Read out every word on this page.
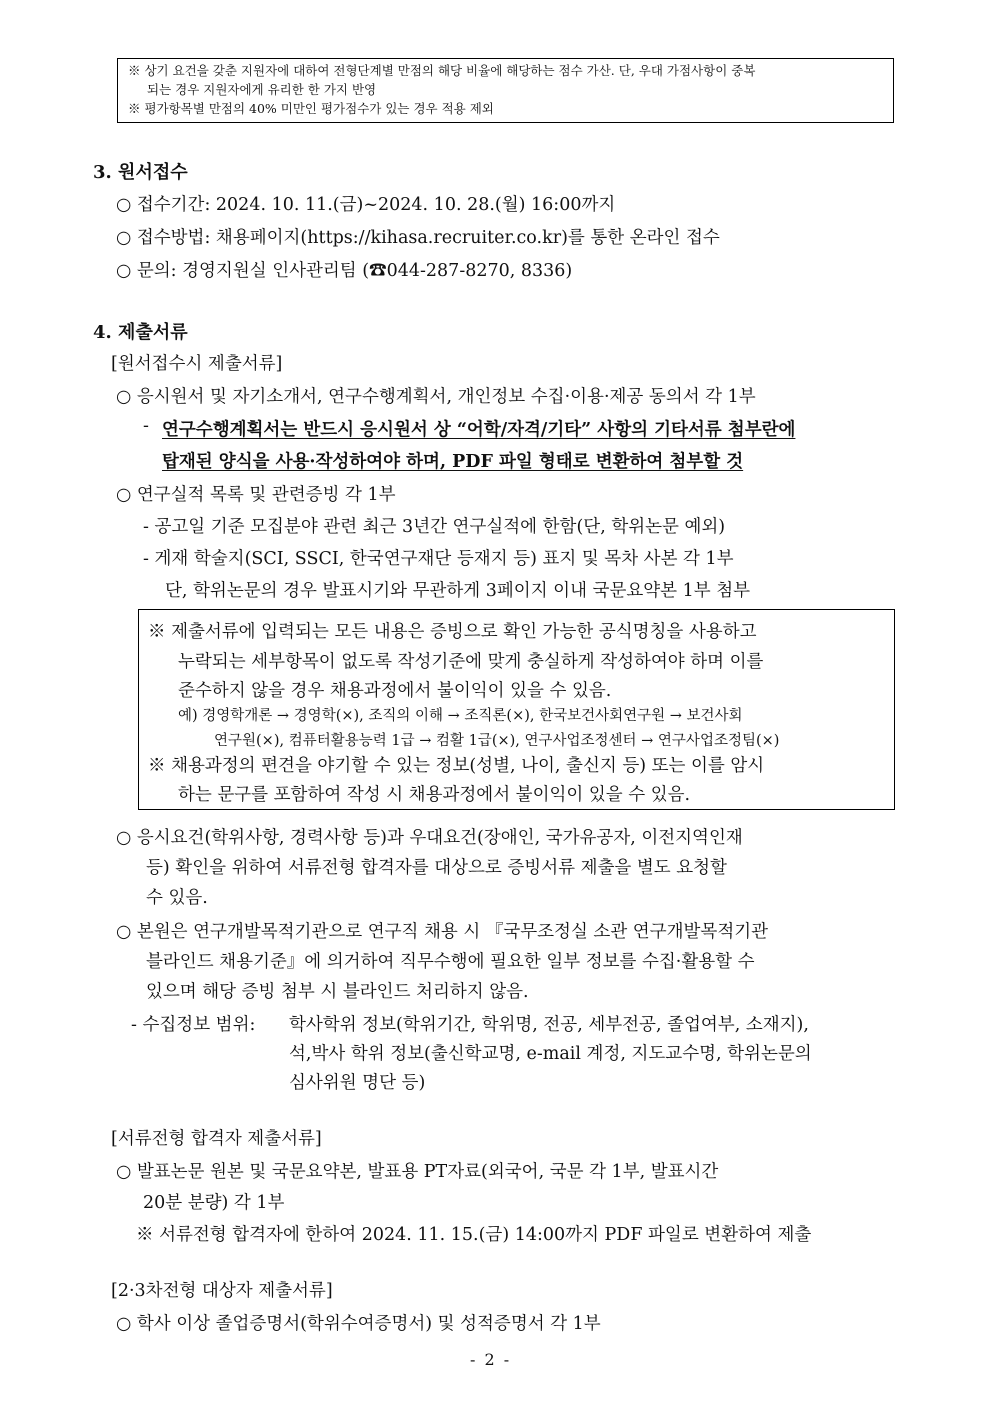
※ 상기 요건을 갖춘 지원자에 대하여 전형단계별 만점의 해당 비율에 해당하는 점수 가산. 단, 우대 가점사항이 중복
되는 경우 지원자에게 유리한 한 가지 반영
※ 평가항목별 만점의 40% 미만인 평가점수가 있는 경우 적용 제외
3. 원서접수
○ 접수기간: 2024. 10. 11.(금)~2024. 10. 28.(월) 16:00까지
○ 접수방법: 채용페이지(https://kihasa.recruiter.co.kr)를 통한 온라인 접수
○ 문의: 경영지원실 인사관리팀 (☎044-287-8270, 8336)
4. 제출서류
[원서접수시 제출서류]
○ 응시원서 및 자기소개서, 연구수행계획서, 개인정보 수집·이용·제공 동의서 각 1부
- 연구수행계획서는 반드시 응시원서 상 “어학/자격/기타” 사항의 기타서류 첨부란에
탑재된 양식을 사용·작성하여야 하며, PDF 파일 형태로 변환하여 첨부할 것
○ 연구실적 목록 및 관련증빙 각 1부
- 공고일 기준 모집분야 관련 최근 3년간 연구실적에 한함(단, 학위논문 예외)
- 게재 학술지(SCI, SSCI, 한국연구재단 등재지 등) 표지 및 목차 사본 각 1부
단, 학위논문의 경우 발표시기와 무관하게 3페이지 이내 국문요약본 1부 첨부
※ 제출서류에 입력되는 모든 내용은 증빙으로 확인 가능한 공식명칭을 사용하고
누락되는 세부항목이 없도록 작성기준에 맞게 충실하게 작성하여야 하며 이를
준수하지 않을 경우 채용과정에서 불이익이 있을 수 있음.
예) 경영학개론 → 경영학(×), 조직의 이해 → 조직론(×), 한국보건사회연구원 → 보건사회
연구원(×), 컴퓨터활용능력 1급 → 컴활 1급(×), 연구사업조정센터 → 연구사업조정팀(×)
※ 채용과정의 편견을 야기할 수 있는 정보(성별, 나이, 출신지 등) 또는 이를 암시
하는 문구를 포함하여 작성 시 채용과정에서 불이익이 있을 수 있음.
○ 응시요건(학위사항, 경력사항 등)과 우대요건(장애인, 국가유공자, 이전지역인재
등) 확인을 위하여 서류전형 합격자를 대상으로 증빙서류 제출을 별도 요청할
수 있음.
○ 본원은 연구개발목적기관으로 연구직 채용 시 『국무조정실 소관 연구개발목적기관
블라인드 채용기준』에 의거하여 직무수행에 필요한 일부 정보를 수집·활용할 수
있으며 해당 증빙 첨부 시 블라인드 처리하지 않음.
- 수집정보 범위: 학사학위 정보(학위기간, 학위명, 전공, 세부전공, 졸업여부, 소재지),
석,박사 학위 정보(출신학교명, e-mail 계정, 지도교수명, 학위논문의
심사위원 명단 등)
[서류전형 합격자 제출서류]
○ 발표논문 원본 및 국문요약본, 발표용 PT자료(외국어, 국문 각 1부, 발표시간
20분 분량) 각 1부
※ 서류전형 합격자에 한하여 2024. 11. 15.(금) 14:00까지 PDF 파일로 변환하여 제출
[2·3차전형 대상자 제출서류]
○ 학사 이상 졸업증명서(학위수여증명서) 및 성적증명서 각 1부
- 2 -
